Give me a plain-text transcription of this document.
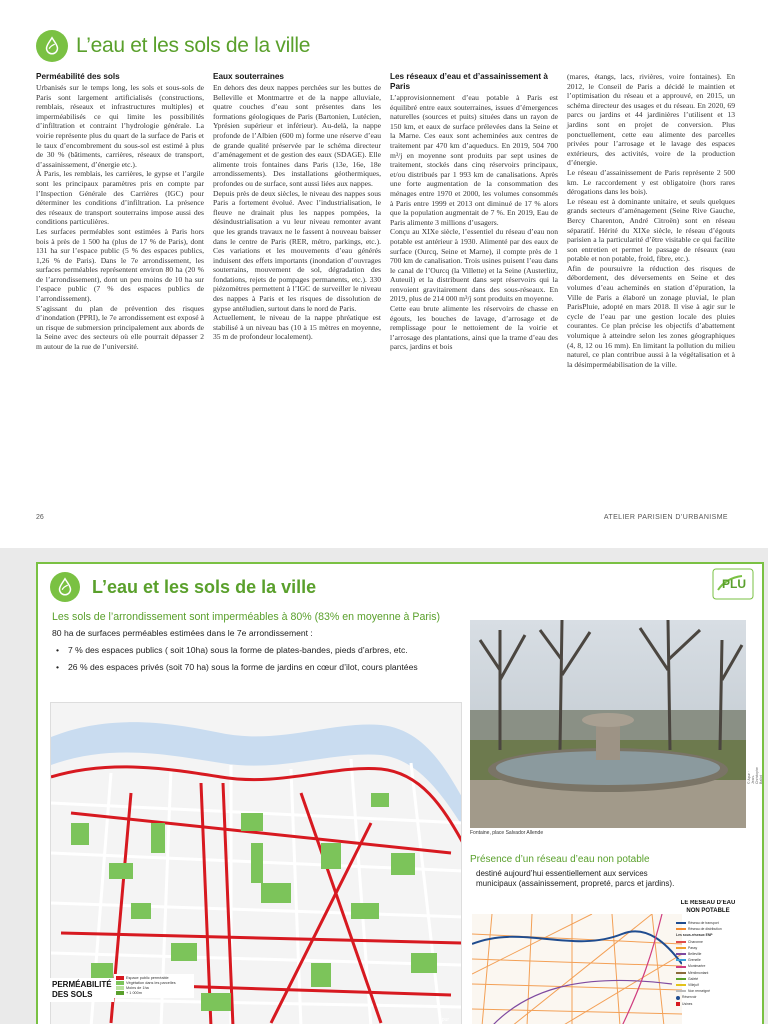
L’eau et les sols de la ville
Perméabilité des sols

Urbanisés sur le temps long, les sols et sous-sols de Paris sont largement artificialisés (constructions, remblais, réseaux et infrastructures multiples) et imperméabilisés ce qui limite les possibilités d’infiltration et contraint l’hydrologie générale. La voirie représente plus du quart de la surface de Paris et le taux d’encombrement du sous-sol est estimé à plus de 30 % (bâtiments, carrières, réseaux de transport, d’assainissement, d’énergie etc.).

À Paris, les remblais, les carrières, le gypse et l’argile sont les principaux paramètres pris en compte par l’Inspection Générale des Carrières (IGC) pour déterminer les conditions d’infiltration. La présence des réseaux de transport souterrains impose aussi des conditions particulières.

Les surfaces perméables sont estimées à Paris hors bois à près de 1 500 ha (plus de 17 % de Paris), dont 131 ha sur l’espace public (5 % des espaces publics, 1,26 % de Paris). Dans le 7e arrondissement, les surfaces perméables représentent environ 80 ha (20 % de l’arrondissement), dont un peu moins de 10 ha sur l’espace public (7 % des espaces publics de l’arrondissement).

S’agissant du plan de prévention des risques d’inondation (PPRI), le 7e arrondissement est exposé à un risque de submersion principalement aux abords de la Seine avec des secteurs où elle pourrait dépasser 2 m autour de la rue de l’université.

Eaux souterraines

En dehors des deux nappes perchées sur les buttes de Belleville et Montmartre et de la nappe alluviale, quatre couches d’eau sont présentes dans les formations géologiques de Paris (Bartonien, Lutécien, Yprésien supérieur et inférieur). Au-delà, la nappe profonde de l’Albien (600 m) forme une réserve d’eau de grande qualité préservée par le schéma directeur d’aménagement et de gestion des eaux (SDAGE). Elle alimente trois fontaines dans Paris (13e, 16e, 18e arrondissements). Des installations géothermiques, profondes ou de surface, sont aussi liées aux nappes.

Depuis près de deux siècles, le niveau des nappes sous Paris a fortement évolué. Avec l’industrialisation, le fleuve ne drainait plus les nappes pompées, la désindustrialisation a vu leur niveau remonter avant que les grands travaux ne le fassent à nouveau baisser dans le centre de Paris (RER, métro, parkings, etc.). Ces variations et les mouvements d’eau générés induisent des effets importants (inondation d’ouvrages souterrains, mouvement de sol, dégradation des fondations, rejets de pompages permanents, etc.). 330 piézomètres permettent à l’IGC de surveiller le niveau des nappes à Paris et les risques de dissolution de gypse antéludien, surtout dans le nord de Paris.

Actuellement, le niveau de la nappe phréatique est stabilisé à un niveau bas (10 à 15 mètres en moyenne, 35 m de profondeur localement).

Les réseaux d’eau et d’assainissement à Paris

L’approvisionnement d’eau potable à Paris est équilibré entre eaux souterraines, issues d’émergences naturelles (sources et puits) situées dans un rayon de 150 km, et eaux de surface prélevées dans la Seine et la Marne. Ces eaux sont acheminées aux centres de traitement par 470 km d’aqueducs. En 2019, 504 700 m³/j en moyenne sont produits par sept usines de traitement, stockés dans cinq réservoirs principaux, et/ou distribués par 1 993 km de canalisations. Après une forte augmentation de la consommation des ménages entre 1970 et 2000, les volumes consommés à Paris entre 1999 et 2013 ont diminué de 17 % alors que la population augmentait de 7 %. En 2019, Eau de Paris alimente 3 millions d’usagers.

Conçu au XIXe siècle, l’essentiel du réseau d’eau non potable est antérieur à 1930. Alimenté par des eaux de surface (Ourcq, Seine et Marne), il compte près de 1 700 km de canalisation. Trois usines puisent l’eau dans le canal de l’Ourcq (la Villette) et la Seine (Austerlitz, Auteuil) et la distribuent dans sept réservoirs qui la renvoient gravitairement dans des sous-réseaux. En 2019, plus de 214 000 m³/j sont produits en moyenne.

Cette eau brute alimente les réservoirs de chasse en égouts, les bouches de lavage, d’arrosage et de remplissage pour le nettoiement de la voirie et l’arrosage des plantations, ainsi que la trame d’eau des parcs, jardins et bois

(mares, étangs, lacs, rivières, voire fontaines). En 2012, le Conseil de Paris a décidé le maintien et l’optimisation du réseau et a approuvé, en 2015, un schéma directeur des usages et du réseau. En 2020, 69 parcs ou jardins et 44 jardinières l’utilisent et 13 jardins sont en projet de conversion. Plus ponctuellement, cette eau alimente des parcelles privées pour l’arrosage et le lavage des espaces extérieurs, des activités, voire de la production d’énergie.

Le réseau d’assainissement de Paris représente 2 500 km. Le raccordement y est obligatoire (hors rares dérogations dans les bois).

Le réseau est à dominante unitaire, et seuls quelques grands secteurs d’aménagement (Seine Rive Gauche, Bercy Charenton, André Citroën) sont en réseau séparatif. Hérité du XIXe siècle, le réseau d’égouts parisien a la particularité d’être visitable ce qui facilite son entretien et permet le passage de réseaux (eau potable et non potable, froid, fibre, etc.).

Afin de poursuivre la réduction des risques de débordement, des déversements en Seine et des volumes d’eau acheminés en station d’épuration, la Ville de Paris a élaboré un zonage pluvial, le plan ParisPluie, adopté en mars 2018. Il vise à agir sur le cycle de l’eau par une gestion locale des pluies courantes. Ce plan précise les objectifs d’abattement volumique à atteindre selon les zones géographiques (4, 8, 12 ou 16 mm). En limitant la pollution du milieu naturel, ce plan contribue aussi à la végétalisation et à la désimperméabilisation de la ville.

26	ATELIER PARISIEN D’URBANISME
L’eau et les sols de la ville	PLU
Les sols de l’arrondissement sont imperméables à 80% (83% en moyenne à Paris)
80 ha de surfaces perméables estimées dans le 7e arrondissement :
• 7 % des espaces publics ( soit 10ha) sous la forme de plates-bandes, pieds d’arbres, etc.
• 26 % des espaces privés (soit 70 ha) sous la forme de jardins en cœur d’ilot, cours plantées
apur
PERMÉABILITÉ
DES SOLS
Espace public perméable
Végétation dans les parcelles
Moins de 1ha
+ 1 000m
Fontaine, place Salvador Allende
© Apur · Jean-Christophe Ballot
Présence d’un réseau d’eau non potable
destiné aujourd’hui essentiellement aux services municipaux (assainissement, propreté, parcs et jardins).
LE RÉSEAU D’EAU
NON POTABLE
Réseau de transport
Réseau de distribution
Les sous-réseaux ENP
Charonne
Passy
Belleville
Grenelle
Montmartre
Ménilmontant
Gaïeté
Villejuif
Non renseigné
Réservoir
Usines
